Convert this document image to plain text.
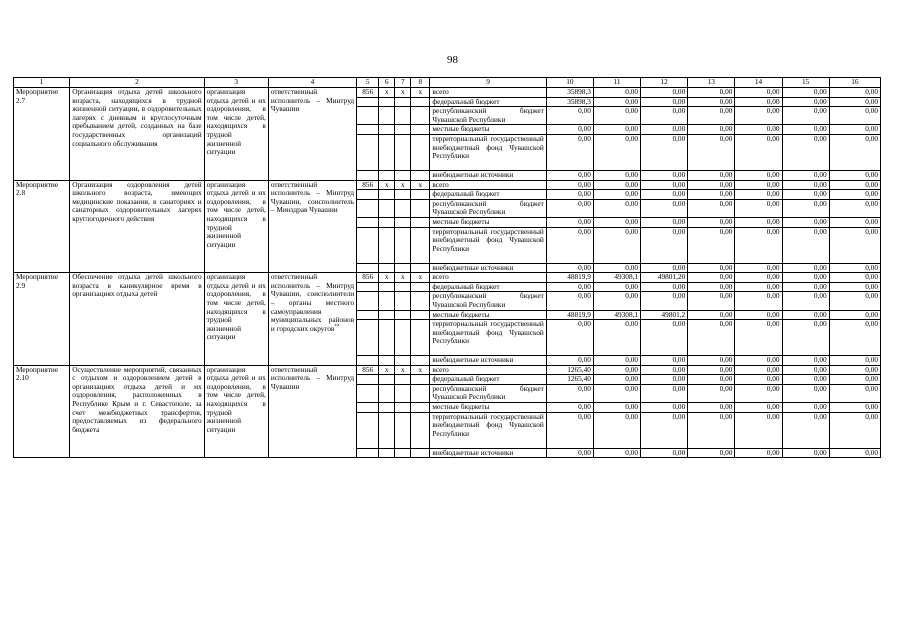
98
1	2	3	4	5	6	7	8	9	10	11	12	13	14	15	16
Мероприятие 2.7	Организация отдыха детей школьного возраста, находящихся в трудной жизненной ситуации, в оздоровительных лагерях с дневным и круглосуточным пребыванием детей, созданных на базе государственных организаций социального обслуживания	организация отдыха детей и их оздоровления, в том числе детей, находящихся в трудной жизненной ситуации	ответственный исполнитель – Минтруд Чувашии	856	x	x	x	всего	35898,3	0,00	0,00	0,00	0,00	0,00	0,00
								федеральный бюджет	35898,3	0,00	0,00	0,00	0,00	0,00	0,00
								республиканский бюджет Чувашской Республики	0,00	0,00	0,00	0,00	0,00	0,00	0,00
								местные бюджеты	0,00	0,00	0,00	0,00	0,00	0,00	0,00
								территориальный государственный внебюджетный фонд Чувашской Республики	0,00	0,00	0,00	0,00	0,00	0,00	0,00
								внебюджетные источники	0,00	0,00	0,00	0,00	0,00	0,00	0,00
Мероприятие 2.8	Организация оздоровления детей школьного возраста, имеющих медицинские показания, в санаториях и санаторных оздоровительных лагерях круглогодичного действия	организация отдыха детей и их оздоровления, в том числе детей, находящихся в трудной жизненной ситуации	ответственный исполнитель – Минтруд Чувашии, соисполнитель – Минздрав Чувашии	856	x	x	x	всего	0,00	0,00	0,00	0,00	0,00	0,00	0,00
								федеральный бюджет	0,00	0,00	0,00	0,00	0,00	0,00	0,00
								республиканский бюджет Чувашской Республики	0,00	0,00	0,00	0,00	0,00	0,00	0,00
								местные бюджеты	0,00	0,00	0,00	0,00	0,00	0,00	0,00
								территориальный государственный внебюджетный фонд Чувашской Республики	0,00	0,00	0,00	0,00	0,00	0,00	0,00
								внебюджетные источники	0,00	0,00	0,00	0,00	0,00	0,00	0,00
Мероприятие 2.9	Обеспечение отдыха детей школьного возраста в каникулярное время в организациях отдыха детей	организация отдыха детей и их оздоровления, в том числе детей, находящихся в трудной жизненной ситуации	ответственный исполнитель – Минтруд Чувашии, соисполнители – органы местного самоуправления муниципальных районов и городских округов**	856	x	x	x	всего	48819,9	49308,1	49801,20	0,00	0,00	0,00	0,00
								федеральный бюджет	0,00	0,00	0,00	0,00	0,00	0,00	0,00
								республиканский бюджет Чувашской Республики	0,00	0,00	0,00	0,00	0,00	0,00	0,00
								местные бюджеты	48819,9	49308,1	49801,2	0,00	0,00	0,00	0,00
								территориальный государственный внебюджетный фонд Чувашской Республики	0,00	0,00	0,00	0,00	0,00	0,00	0,00
								внебюджетные источники	0,00	0,00	0,00	0,00	0,00	0,00	0,00
Мероприятие 2.10	Осуществление мероприятий, связанных с отдыхом и оздоровлением детей в организациях отдыха детей и их оздоровления, расположенных в Республике Крым и г. Севастополе, за счет межбюджетных трансфертов, предоставляемых из федерального бюджета	организация отдыха детей и их оздоровления, в том числе детей, находящихся в трудной жизненной ситуации	ответственный исполнитель – Минтруд Чувашии	856	x	x	x	всего	1265,40	0,00	0,00	0,00	0,00	0,00	0,00
								федеральный бюджет	1265,40	0,00	0,00	0,00	0,00	0,00	0,00
								республиканский бюджет Чувашской Республики	0,00	0,00	0,00	0,00	0,00	0,00	0,00
								местные бюджеты	0,00	0,00	0,00	0,00	0,00	0,00	0,00
								территориальный государственный внебюджетный фонд Чувашской Республики	0,00	0,00	0,00	0,00	0,00	0,00	0,00
								внебюджетные источники	0,00	0,00	0,00	0,00	0,00	0,00	0,00
